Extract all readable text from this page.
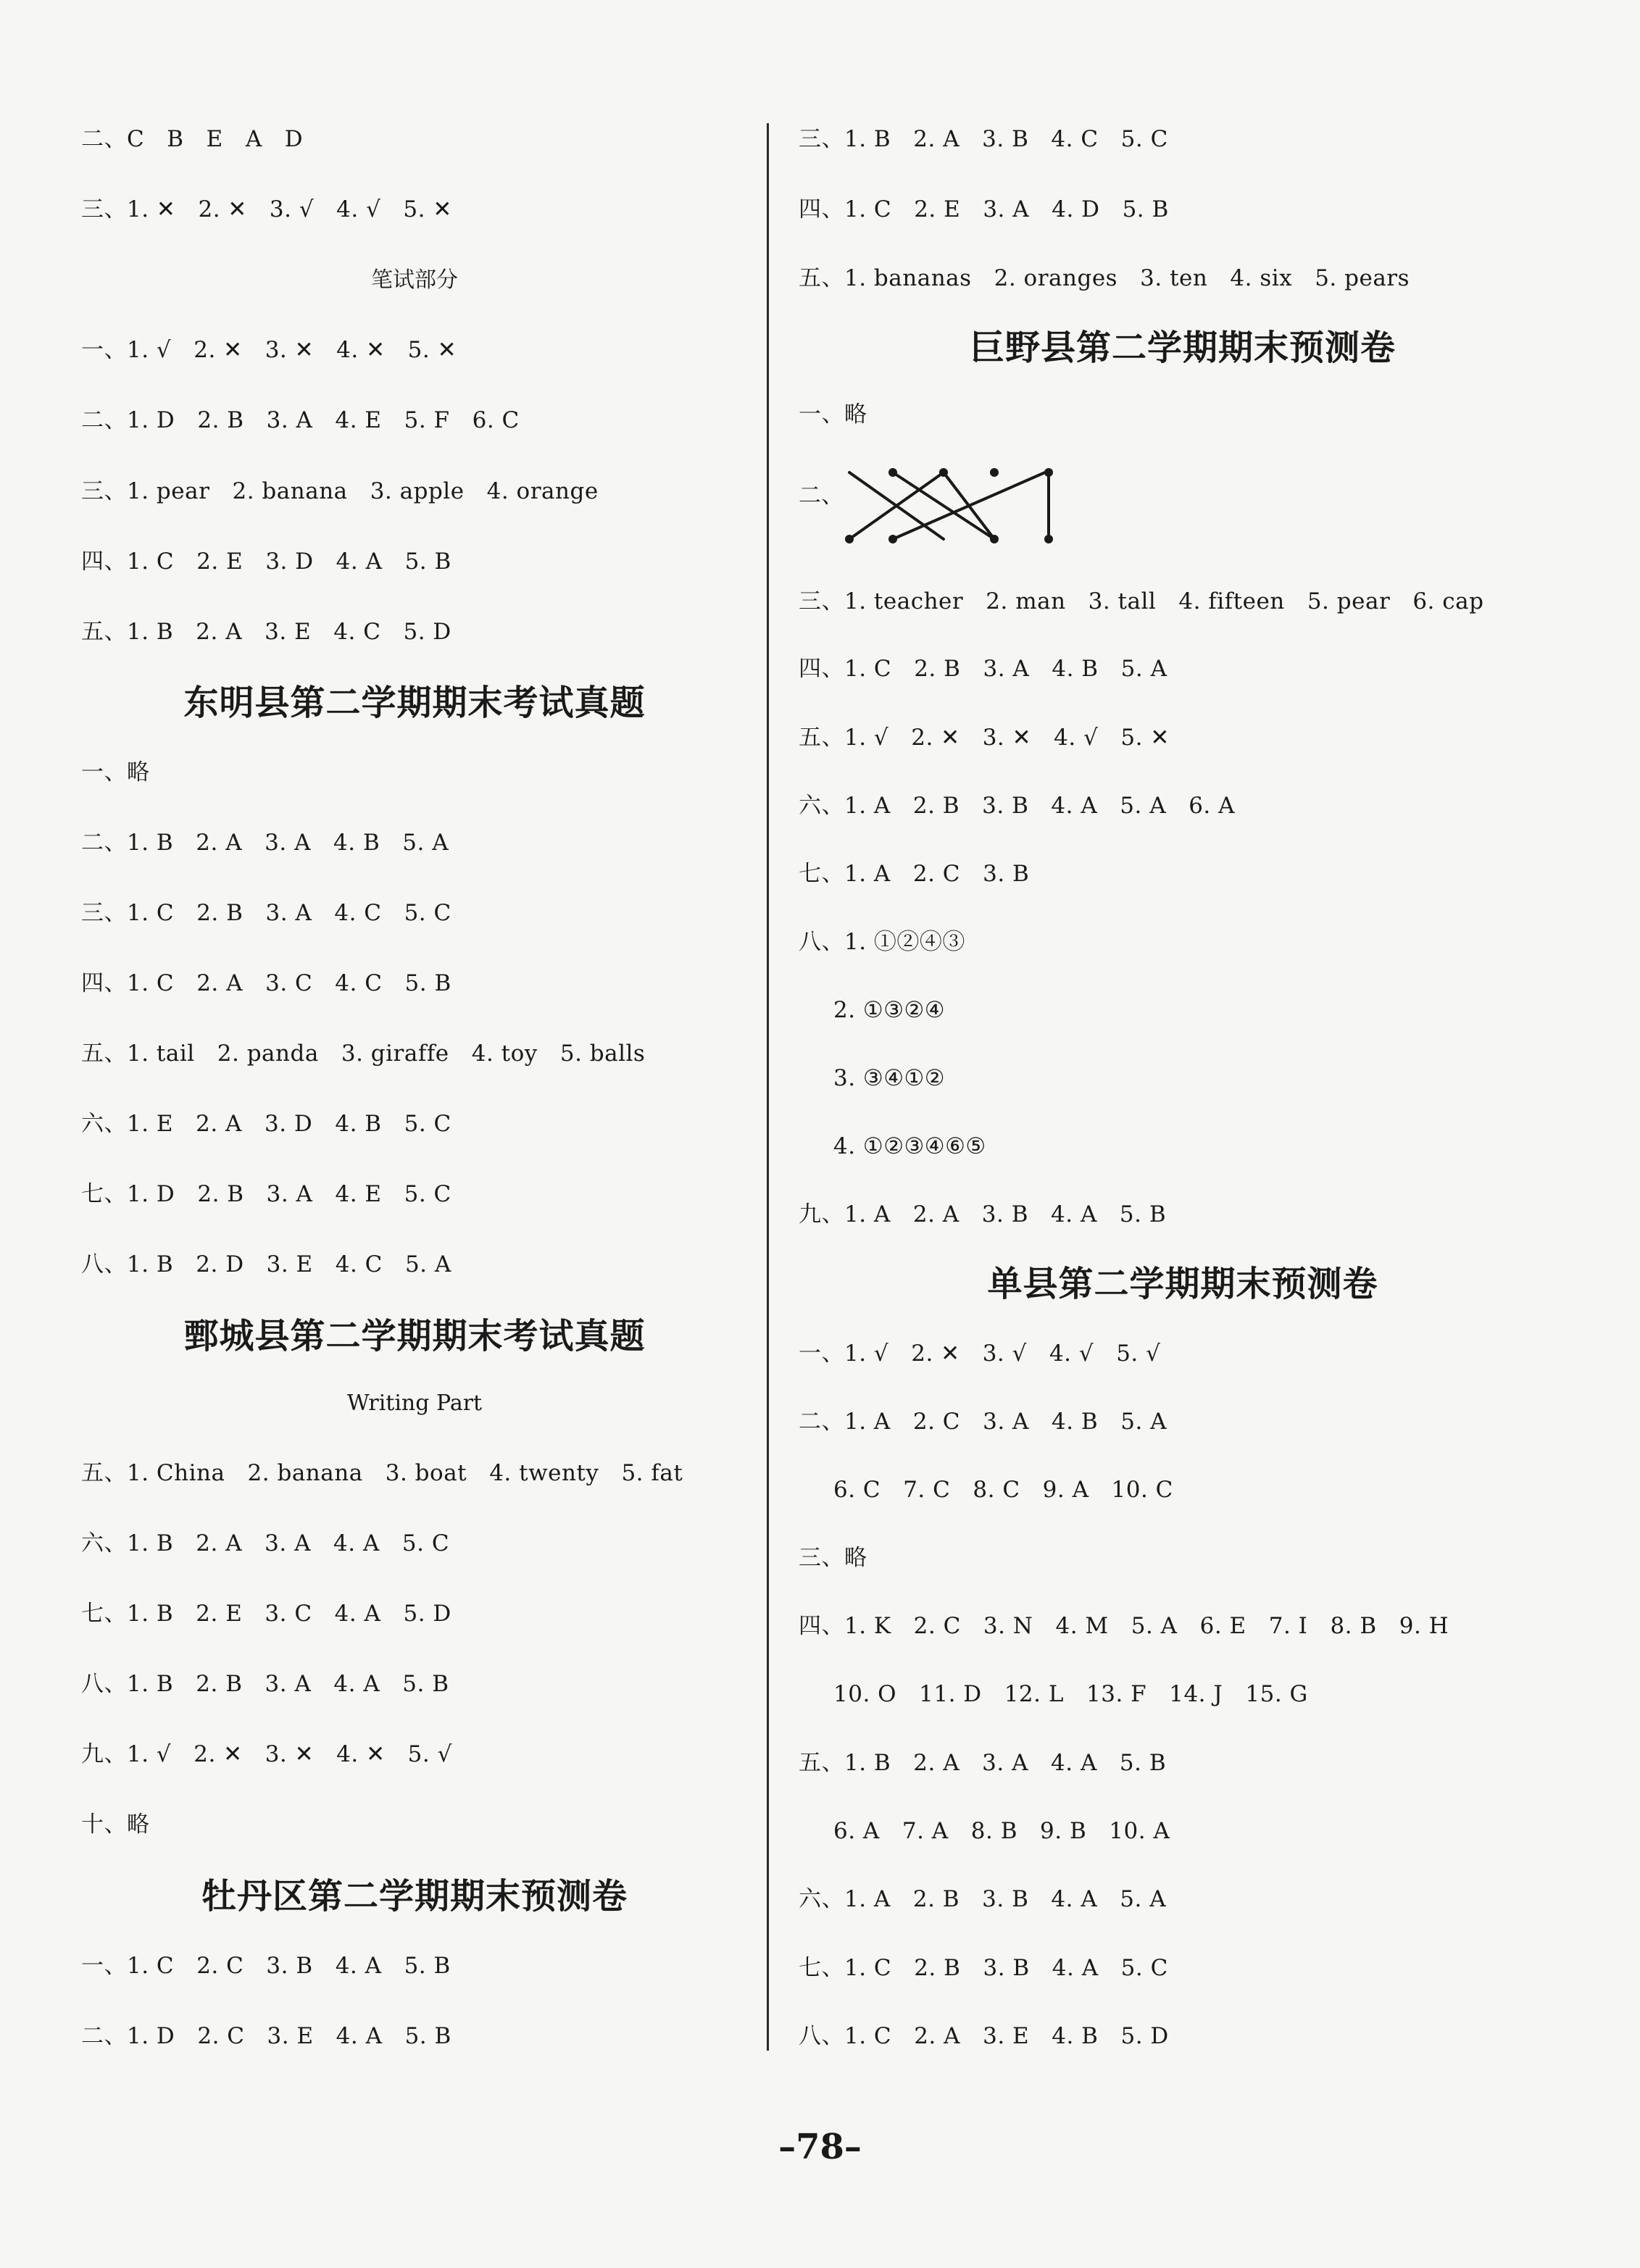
二、C   B   E   A   D
三、1. ✕   2. ✕   3. √   4. √   5. ✕
笔试部分
一、1. √   2. ✕   3. ✕   4. ✕   5. ✕
二、1. D   2. B   3. A   4. E   5. F   6. C
三、1. pear   2. banana   3. apple   4. orange
四、1. C   2. E   3. D   4. A   5. B
五、1. B   2. A   3. E   4. C   5. D
东明县第二学期期末考试真题
一、略
二、1. B   2. A   3. A   4. B   5. A
三、1. C   2. B   3. A   4. C   5. C
四、1. C   2. A   3. C   4. C   5. B
五、1. tail   2. panda   3. giraffe   4. toy   5. balls
六、1. E   2. A   3. D   4. B   5. C
七、1. D   2. B   3. A   4. E   5. C
八、1. B   2. D   3. E   4. C   5. A
鄄城县第二学期期末考试真题
Writing Part
五、1. China   2. banana   3. boat   4. twenty   5. fat
六、1. B   2. A   3. A   4. A   5. C
七、1. B   2. E   3. C   4. A   5. D
八、1. B   2. B   3. A   4. A   5. B
九、1. √   2. ✕   3. ✕   4. ✕   5. √
十、略
牡丹区第二学期期末预测卷
一、1. C   2. C   3. B   4. A   5. B
二、1. D   2. C   3. E   4. A   5. B
三、1. B   2. A   3. B   4. C   5. C
四、1. C   2. E   3. A   4. D   5. B
五、1. bananas   2. oranges   3. ten   4. six   5. pears
巨野县第二学期期末预测卷
一、略
二、
三、1. teacher   2. man   3. tall   4. fifteen   5. pear   6. cap
四、1. C   2. B   3. A   4. B   5. A
五、1. √   2. ✕   3. ✕   4. √   5. ✕
六、1. A   2. B   3. B   4. A   5. A   6. A
七、1. A   2. C   3. B
八、1. ①②④③
2. ①③②④
3. ③④①②
4. ①②③④⑥⑤
九、1. A   2. A   3. B   4. A   5. B
单县第二学期期末预测卷
一、1. √   2. ✕   3. √   4. √   5. √
二、1. A   2. C   3. A   4. B   5. A
6. C   7. C   8. C   9. A   10. C
三、略
四、1. K   2. C   3. N   4. M   5. A   6. E   7. I   8. B   9. H
10. O   11. D   12. L   13. F   14. J   15. G
五、1. B   2. A   3. A   4. A   5. B
6. A   7. A   8. B   9. B   10. A
六、1. A   2. B   3. B   4. A   5. A
七、1. C   2. B   3. B   4. A   5. C
八、1. C   2. A   3. E   4. B   5. D
–78–
